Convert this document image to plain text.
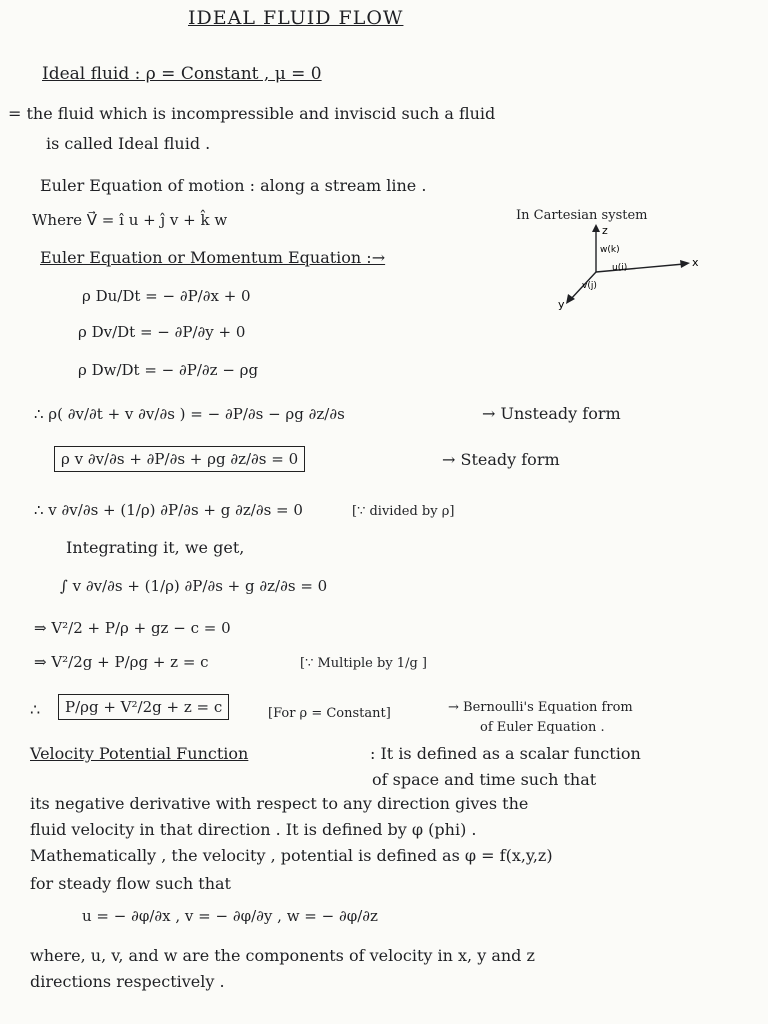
IDEAL FLUID FLOW
Ideal fluid : ρ = Constant , μ = 0
= the fluid which is incompressible and inviscid such a fluid
is called Ideal fluid .
Euler Equation of motion : along a stream line .
Where V⃗ = î u + ĵ v + k̂ w	In Cartesian system
Euler Equation or Momentum Equation :→
z
x
y
w(k)
u(i)
v(j)
ρ Du/Dt = − ∂P/∂x + 0
ρ Dv/Dt = − ∂P/∂y + 0
ρ Dw/Dt = − ∂P/∂z − ρg
∴ ρ( ∂v/∂t + v ∂v/∂s ) = − ∂P/∂s − ρg ∂z/∂s	→ Unsteady form
ρ v ∂v/∂s + ∂P/∂s + ρg ∂z/∂s = 0	→ Steady form
∴ v ∂v/∂s + (1/ρ) ∂P/∂s + g ∂z/∂s = 0	[∵ divided by ρ]
Integrating it, we get,
∫ v ∂v/∂s + (1/ρ) ∂P/∂s + g ∂z/∂s = 0
⇒ V²/2 + P/ρ + gz − c = 0
⇒ V²/2g + P/ρg + z = c	[∵ Multiple by 1/g ]
∴	P/ρg + V²/2g + z = c	[For ρ = Constant]	→ Bernoulli's Equation from
of Euler Equation .
Velocity Potential Function	: It is defined as a scalar function
of space and time such that
its negative derivative with respect to any direction gives the
fluid velocity in that direction . It is defined by φ (phi) .
Mathematically , the velocity , potential is defined as φ = f(x,y,z)
for steady flow such that
u = − ∂φ/∂x , v = − ∂φ/∂y , w = − ∂φ/∂z
where, u, v, and w are the components of velocity in x, y and z
directions respectively .
